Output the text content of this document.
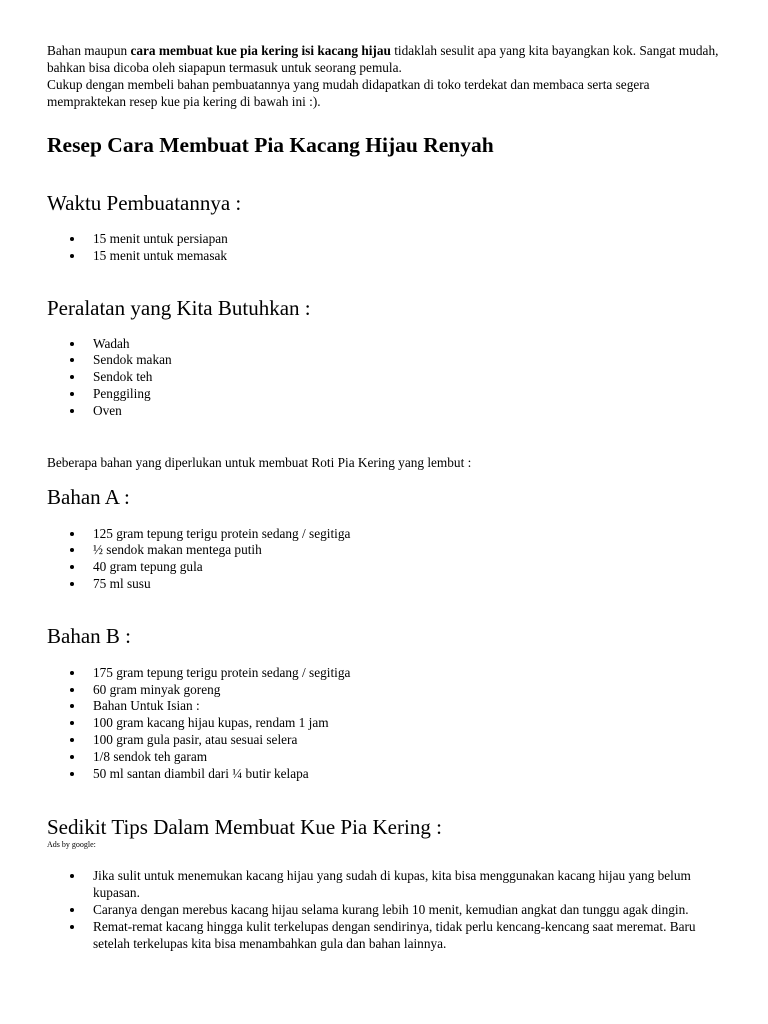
Bahan maupun cara membuat kue pia kering isi kacang hijau tidaklah sesulit apa yang kita bayangkan kok. Sangat mudah, bahkan bisa dicoba oleh siapapun termasuk untuk seorang pemula.

Cukup dengan membeli bahan pembuatannya yang mudah didapatkan di toko terdekat dan membaca serta segera mempraktekan resep kue pia kering di bawah ini :).

Resep Cara Membuat Pia Kacang Hijau Renyah
Waktu Pembuatannya :
15 menit untuk persiapan
15 menit untuk memasak
Peralatan yang Kita Butuhkan :
Wadah
Sendok makan
Sendok teh
Penggiling
Oven

Beberapa bahan yang diperlukan untuk membuat Roti Pia Kering yang lembut :

Bahan A :
125 gram tepung terigu protein sedang / segitiga
½ sendok makan mentega putih
40 gram tepung gula
75 ml susu
Bahan B :
175 gram tepung terigu protein sedang / segitiga
60 gram minyak goreng
Bahan Untuk Isian :
100 gram kacang hijau kupas, rendam 1 jam
100 gram gula pasir, atau sesuai selera
1/8 sendok teh garam
50 ml santan diambil dari ¼ butir kelapa
Sedikit Tips Dalam Membuat Kue Pia Kering :

Ads by google:

Jika sulit untuk menemukan kacang hijau yang sudah di kupas, kita bisa menggunakan kacang hijau yang belum kupasan.
Caranya dengan merebus kacang hijau selama kurang lebih 10 menit, kemudian angkat dan tunggu agak dingin.
Remat-remat kacang hingga kulit terkelupas dengan sendirinya, tidak perlu kencang-kencang saat meremat. Baru setelah terkelupas kita bisa menambahkan gula dan bahan lainnya.
